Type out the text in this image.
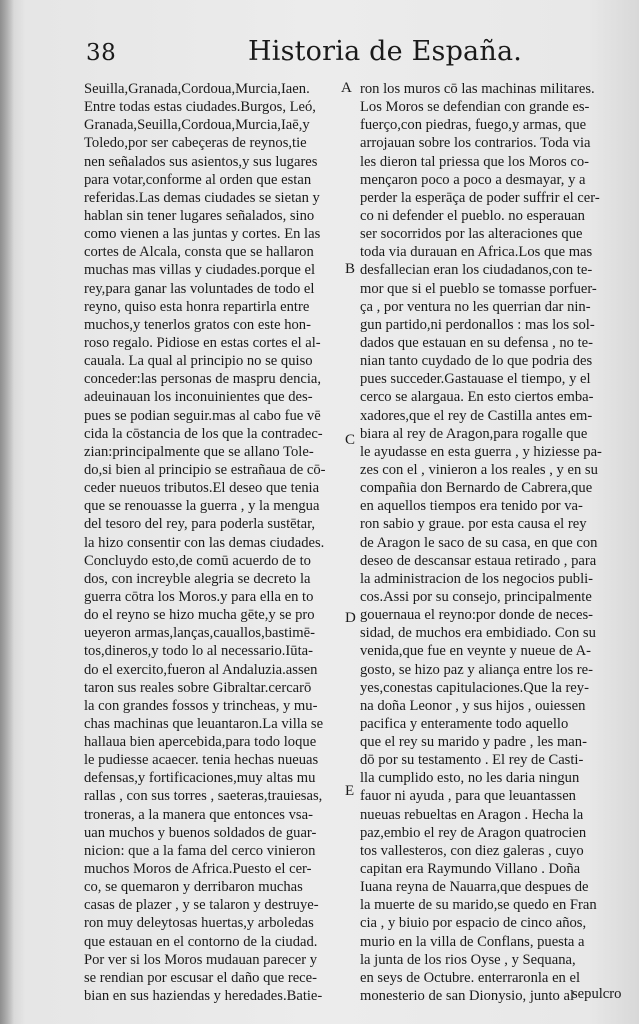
38	Historia de España.
Seuilla,Granada,Cordoua,Murcia,Iaen.
Entre todas estas ciudades.Burgos, Leó,
Granada,Seuilla,Cordoua,Murcia,Iaē,y
Toledo,por ser cabeçeras de reynos,tie
nen señalados sus asientos,y sus lugares
para votar,conforme al orden que estan
referidas.Las demas ciudades se sietan y
hablan sin tener lugares señalados, sino
como vienen a las juntas y cortes. En las
cortes de Alcala, consta que se hallaron
muchas mas villas y ciudades.porque el
rey,para ganar las voluntades de todo el
reyno, quiso esta honra repartirla entre
muchos,y tenerlos gratos con este hon-
roso regalo. Pidiose en estas cortes el al-
cauala. La qual al principio no se quiso
conceder:las personas de maspru dencia,
adeuinauan los inconuinientes que des-
pues se podian seguir.mas al cabo fue vē
cida la cōstancia de los que la contradec-
zian:principalmente que se allano Tole-
do,si bien al principio se estrañaua de cō-
ceder nueuos tributos.El deseo que tenia
que se renouasse la guerra , y la mengua
del tesoro del rey, para poderla sustētar,
la hizo consentir con las demas ciudades.
Concluydo esto,de comū acuerdo de to
dos, con increyble alegria se decreto la
guerra cōtra los Moros.y para ella en to
do el reyno se hizo mucha gēte,y se pro
ueyeron armas,lanças,cauallos,bastimē-
tos,dineros,y todo lo al necessario.Iūta-
do el exercito,fueron al Andaluzia.assen
taron sus reales sobre Gibraltar.cercarō
la con grandes fossos y trincheas, y mu-
chas machinas que leuantaron.La villa se
hallaua bien apercebida,para todo loque
le pudiesse acaecer. tenia hechas nueuas
defensas,y fortificaciones,muy altas mu
rallas , con sus torres , saeteras,trauiesas,
troneras, a la manera que entonces vsa-
uan muchos y buenos soldados de guar-
nicion: que a la fama del cerco vinieron
muchos Moros de Africa.Puesto el cer-
co, se quemaron y derribaron muchas
casas de plazer , y se talaron y destruye-
ron muy deleytosas huertas,y arboledas
que estauan en el contorno de la ciudad.
Por ver si los Moros mudauan parecer y
se rendian por escusar el daño que rece-
bian en sus haziendas y heredades.Batie-
ron los muros cō las machinas militares.
Los Moros se defendian con grande es-
fuerço,con piedras, fuego,y armas, que
arrojauan sobre los contrarios. Toda via
les dieron tal priessa que los Moros co-
mençaron poco a poco a desmayar, y a
perder la esperāça de poder suffrir el cer-
co ni defender el pueblo. no esperauan
ser socorridos por las alteraciones que
toda via durauan en Africa.Los que mas
desfallecian eran los ciudadanos,con te-
mor que si el pueblo se tomasse porfuer-
ça , por ventura no les querrian dar nin-
gun partido,ni perdonallos : mas los sol-
dados que estauan en su defensa , no te-
nian tanto cuydado de lo que podria des
pues succeder.Gastauase el tiempo, y el
cerco se alargaua. En esto ciertos emba-
xadores,que el rey de Castilla antes em-
biara al rey de Aragon,para rogalle que
le ayudasse en esta guerra , y hiziesse pa-
zes con el , vinieron a los reales , y en su
compañia don Bernardo de Cabrera,que
en aquellos tiempos era tenido por va-
ron sabio y graue. por esta causa el rey
de Aragon le saco de su casa, en que con
deseo de descansar estaua retirado , para
la administracion de los negocios publi-
cos.Assi por su consejo, principalmente
gouernaua el reyno:por donde de neces-
sidad, de muchos era embidiado. Con su
venida,que fue en veynte y nueue de A-
gosto, se hizo paz y aliança entre los re-
yes,conestas capitulaciones.Que la rey-
na doña Leonor , y sus hijos , ouiessen
pacifica y enteramente todo aquello
que el rey su marido y padre , les man-
dō por su testamento . El rey de Casti-
lla cumplido esto, no les daria ningun
fauor ni ayuda , para que leuantassen
nueuas rebueltas en Aragon . Hecha la
paz,embio el rey de Aragon quatrocien
tos vallesteros, con diez galeras , cuyo
capitan era Raymundo Villano . Doña
Iuana reyna de Nauarra,que despues de
la muerte de su marido,se quedo en Fran
cia , y biuio por espacio de cinco años,
murio en la villa de Conflans, puesta a
la junta de los rios Oyse , y Sequana,
en seys de Octubre. enterraronla en el
monesterio de san Dionysio, junto al
A
B
C
D
E
sepulcro
